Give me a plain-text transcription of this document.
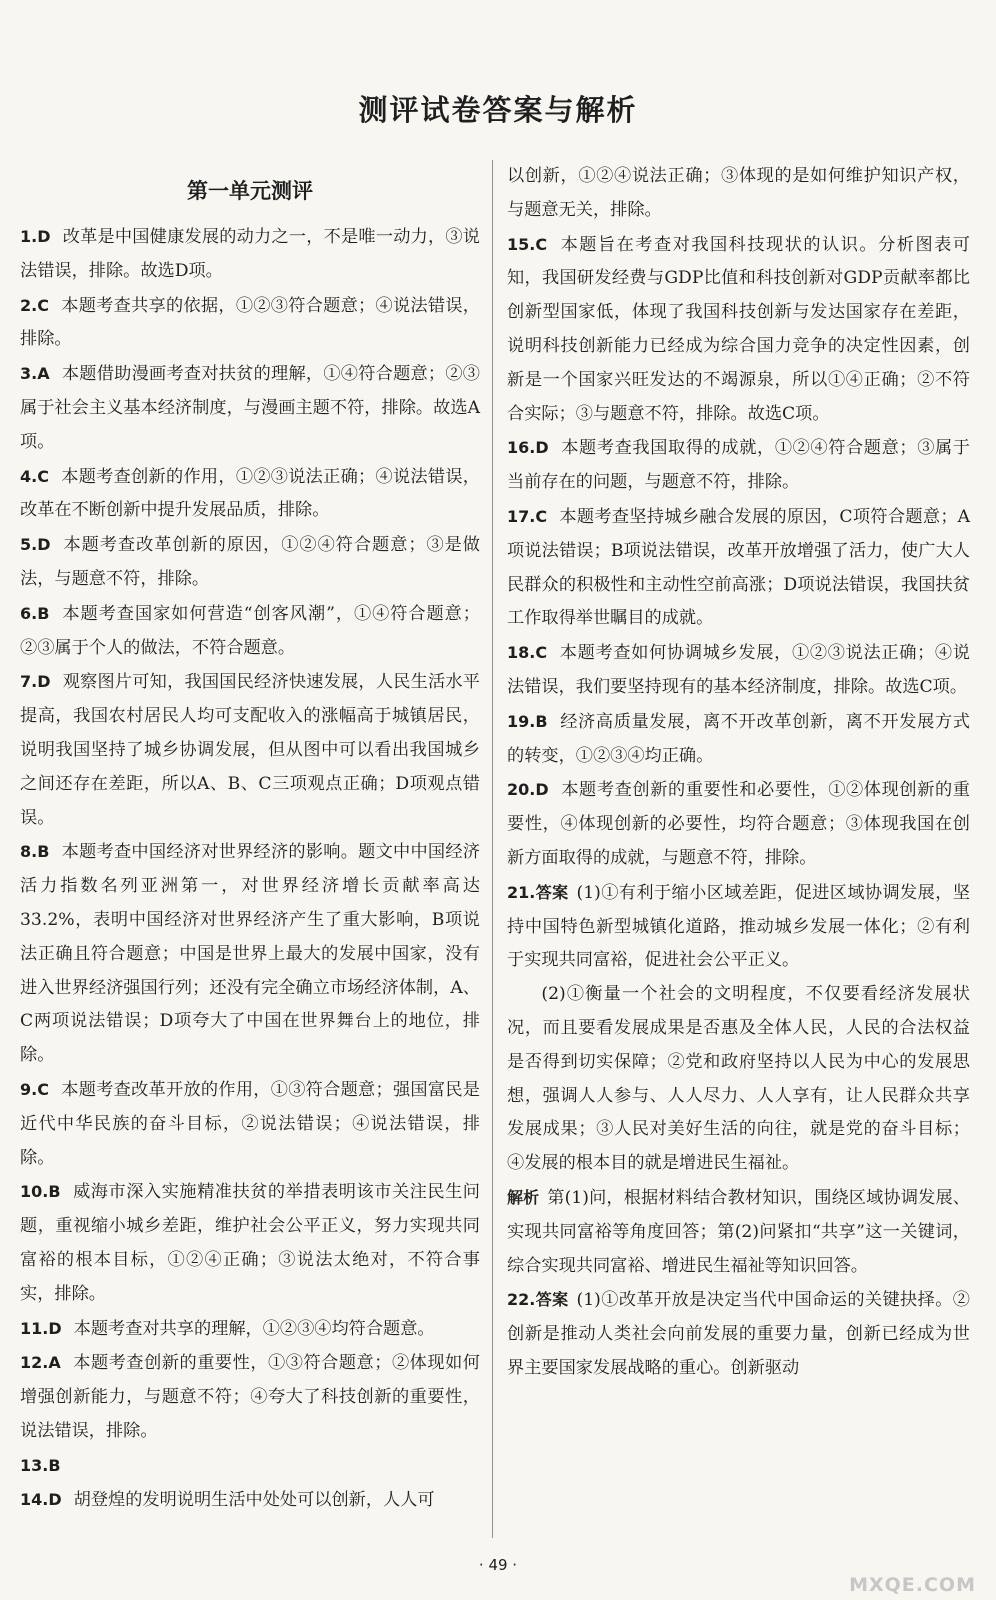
测评试卷答案与解析
第一单元测评
1.D 改革是中国健康发展的动力之一，不是唯一动力，③说法错误，排除。故选D项。
2.C 本题考查共享的依据，①②③符合题意；④说法错误，排除。
3.A 本题借助漫画考查对扶贫的理解，①④符合题意；②③属于社会主义基本经济制度，与漫画主题不符，排除。故选A项。
4.C 本题考查创新的作用，①②③说法正确；④说法错误，改革在不断创新中提升发展品质，排除。
5.D 本题考查改革创新的原因，①②④符合题意；③是做法，与题意不符，排除。
6.B 本题考查国家如何营造“创客风潮”，①④符合题意；②③属于个人的做法，不符合题意。
7.D 观察图片可知，我国国民经济快速发展，人民生活水平提高，我国农村居民人均可支配收入的涨幅高于城镇居民，说明我国坚持了城乡协调发展，但从图中可以看出我国城乡之间还存在差距，所以A、B、C三项观点正确；D项观点错误。
8.B 本题考查中国经济对世界经济的影响。题文中中国经济活力指数名列亚洲第一，对世界经济增长贡献率高达33.2%，表明中国经济对世界经济产生了重大影响，B项说法正确且符合题意；中国是世界上最大的发展中国家，没有进入世界经济强国行列；还没有完全确立市场经济体制，A、C两项说法错误；D项夸大了中国在世界舞台上的地位，排除。
9.C 本题考查改革开放的作用，①③符合题意；强国富民是近代中华民族的奋斗目标，②说法错误；④说法错误，排除。
10.B 威海市深入实施精准扶贫的举措表明该市关注民生问题，重视缩小城乡差距，维护社会公平正义，努力实现共同富裕的根本目标，①②④正确；③说法太绝对，不符合事实，排除。
11.D 本题考查对共享的理解，①②③④均符合题意。
12.A 本题考查创新的重要性，①③符合题意；②体现如何增强创新能力，与题意不符；④夸大了科技创新的重要性，说法错误，排除。
13.B
14.D 胡登煌的发明说明生活中处处可以创新，人人可
以创新，①②④说法正确；③体现的是如何维护知识产权，与题意无关，排除。
15.C 本题旨在考查对我国科技现状的认识。分析图表可知，我国研发经费与GDP比值和科技创新对GDP贡献率都比创新型国家低，体现了我国科技创新与发达国家存在差距，说明科技创新能力已经成为综合国力竞争的决定性因素，创新是一个国家兴旺发达的不竭源泉，所以①④正确；②不符合实际；③与题意不符，排除。故选C项。
16.D 本题考查我国取得的成就，①②④符合题意；③属于当前存在的问题，与题意不符，排除。
17.C 本题考查坚持城乡融合发展的原因，C项符合题意；A项说法错误；B项说法错误，改革开放增强了活力，使广大人民群众的积极性和主动性空前高涨；D项说法错误，我国扶贫工作取得举世瞩目的成就。
18.C 本题考查如何协调城乡发展，①②③说法正确；④说法错误，我们要坚持现有的基本经济制度，排除。故选C项。
19.B 经济高质量发展，离不开改革创新，离不开发展方式的转变，①②③④均正确。
20.D 本题考查创新的重要性和必要性，①②体现创新的重要性，④体现创新的必要性，均符合题意；③体现我国在创新方面取得的成就，与题意不符，排除。
21.答案 (1)①有利于缩小区域差距，促进区域协调发展，坚持中国特色新型城镇化道路，推动城乡发展一体化；②有利于实现共同富裕，促进社会公平正义。
(2)①衡量一个社会的文明程度，不仅要看经济发展状况，而且要看发展成果是否惠及全体人民，人民的合法权益是否得到切实保障；②党和政府坚持以人民为中心的发展思想，强调人人参与、人人尽力、人人享有，让人民群众共享发展成果；③人民对美好生活的向往，就是党的奋斗目标；④发展的根本目的就是增进民生福祉。
解析 第(1)问，根据材料结合教材知识，围绕区域协调发展、实现共同富裕等角度回答；第(2)问紧扣“共享”这一关键词，综合实现共同富裕、增进民生福祉等知识回答。
22.答案 (1)①改革开放是决定当代中国命运的关键抉择。②创新是推动人类社会向前发展的重要力量，创新已经成为世界主要国家发展战略的重心。创新驱动
· 49 ·
MXQE.COM
